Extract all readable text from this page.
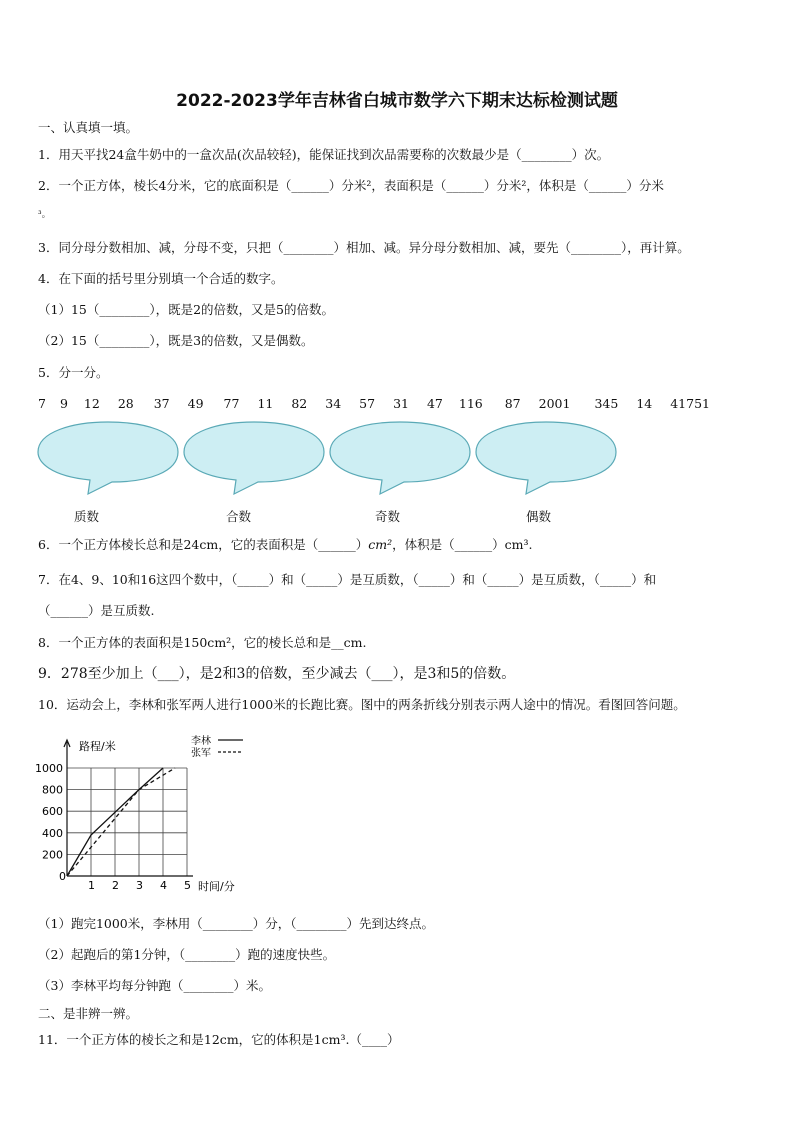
2022-2023学年吉林省白城市数学六下期末达标检测试题
一、认真填一填。
1．用天平找24盒牛奶中的一盒次品(次品较轻)，能保证找到次品需要称的次数最少是（________）次。
2．一个正方体，棱长4分米，它的底面积是（______）分米²，表面积是（______）分米²，体积是（______）分米
³。
3．同分母分数相加、减，分母不变，只把（________）相加、减。异分母分数相加、减，要先（________），再计算。
4．在下面的括号里分别填一个合适的数字。
（1）15（________），既是2的倍数，又是5的倍数。
（2）15（________），既是3的倍数，又是偶数。
5．分一分。
7 9 12 28 37 49 77 11 82 34 57 31 47 116 87 2001 345 14 41751
质数	合数	奇数	偶数
6．一个正方体棱长总和是24cm，它的表面积是（______）cm²，体积是（______）cm³.
7．在4、9、10和16这四个数中，（_____）和（_____）是互质数，（_____）和（_____）是互质数，（_____）和
（______）是互质数.
8．一个正方体的表面积是150cm²，它的棱长总和是__cm.
9．278至少加上（___），是2和3的倍数，至少减去（___），是3和5的倍数。
10．运动会上，李林和张军两人进行1000米的长跑比赛。图中的两条折线分别表示两人途中的情况。看图回答问题。
0
1 2 3 4 5
200
400
600
800
1000
路程/米
时间/分
李林
张军
（1）跑完1000米，李林用（________）分，（________）先到达终点。
（2）起跑后的第1分钟，（________）跑的速度快些。
（3）李林平均每分钟跑（________）米。
二、是非辨一辨。
11．一个正方体的棱长之和是12cm，它的体积是1cm³.（____）
